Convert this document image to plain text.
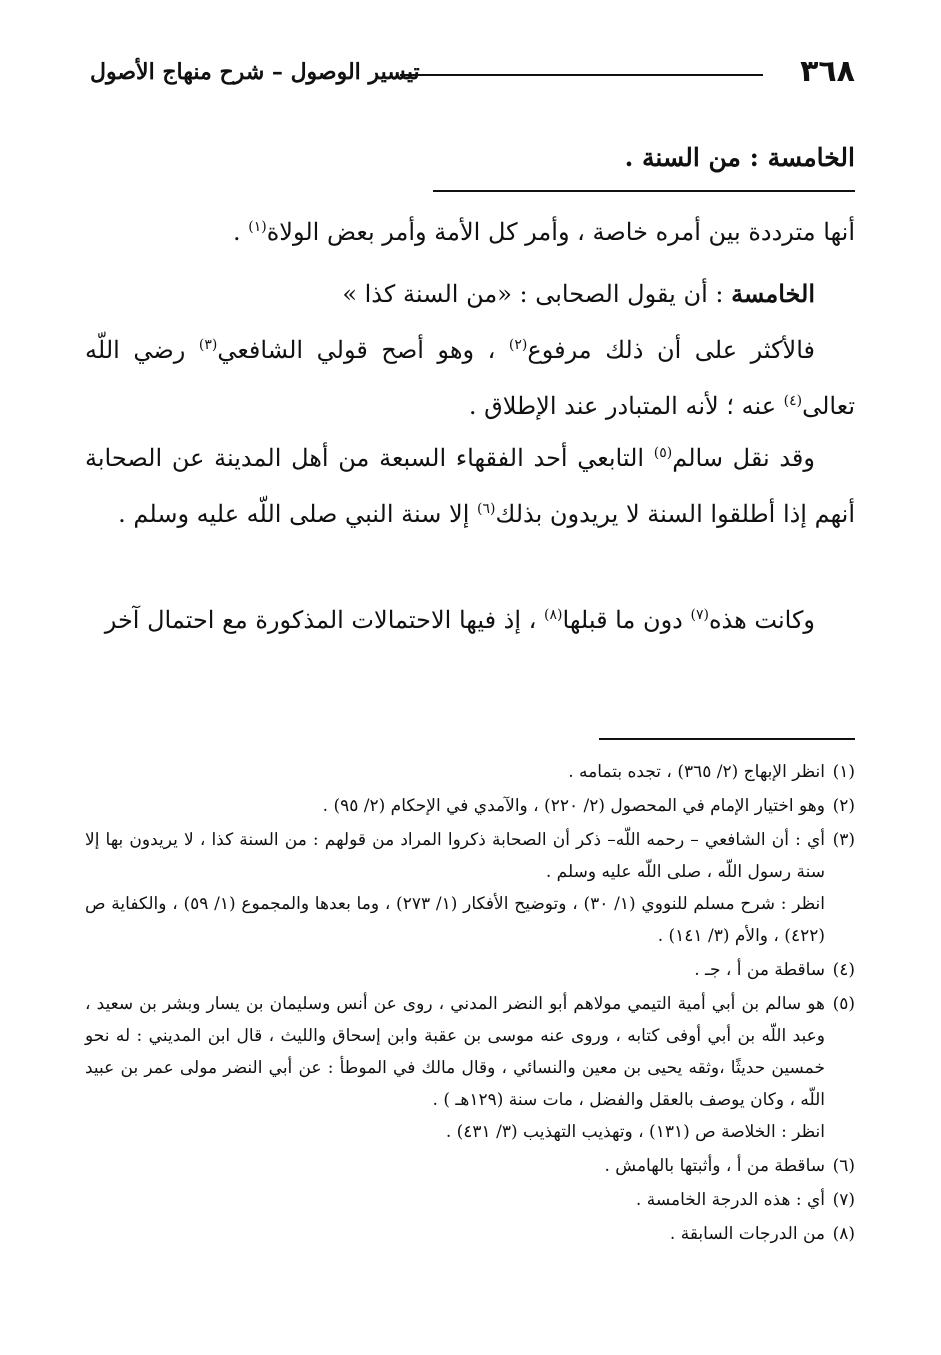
٣٦٨
تيسير الوصول – شرح منهاج الأصول
الخامسة : من السنة .
أنها مترددة بين أمره خاصة ، وأمر كل الأمة وأمر بعض الولاة$^{(١)}$ .
الخامسة : أن يقول الصحابى : «من السنة كذا »
فالأكثر على أن ذلك مرفوع$^{(٢)}$ ، وهو أصح قولي الشافعي$^{(٣)}$ رضي اللّه تعالى$^{(٤)}$ عنه ؛ لأنه المتبادر عند الإطلاق .
وقد نقل سالم$^{(٥)}$ التابعي أحد الفقهاء السبعة من أهل المدينة عن الصحابة أنهم إذا أطلقوا السنة لا يريدون بذلك$^{(٦)}$ إلا سنة النبي صلى اللّه عليه وسلم .
وكانت هذه$^{(٧)}$ دون ما قبلها$^{(٨)}$ ، إذ فيها الاحتمالات المذكورة مع احتمال آخر
(١)
انظر الإبهاج (٢/ ٣٦٥) ، تجده بتمامه .
(٢)
وهو اختيار الإمام في المحصول (٢/ ٢٢٠) ، والآمدي في الإحكام (٢/ ٩٥) .
(٣)
أي : أن الشافعي – رحمه اللّه– ذكر أن الصحابة ذكروا المراد من قولهم : من السنة كذا ، لا يريدون بها إلا سنة رسول اللّه ، صلى اللّه عليه وسلم .
انظر : شرح مسلم للنووي (١/ ٣٠) ، وتوضيح الأفكار (١/ ٢٧٣) ، وما بعدها والمجموع (١/ ٥٩) ، والكفاية ص (٤٢٢) ، والأم (٣/ ١٤١) .
(٤)
ساقطة من أ ، جـ .
(٥)
هو سالم بن أبي أمية التيمي مولاهم أبو النضر المدني ، روى عن أنس وسليمان بن يسار وبشر بن سعيد ، وعبد اللّه بن أبي أوفى كتابه ، وروى عنه موسى بن عقبة وابن إسحاق والليث ، قال ابن المديني : له نحو خمسين حديثًا ،وثقه يحيى بن معين والنسائي ، وقال مالك في الموطأ : عن أبي النضر مولى عمر بن عبيد اللّه ، وكان يوصف بالعقل والفضل ، مات سنة (١٢٩هـ ) .
انظر : الخلاصة ص (١٣١) ، وتهذيب التهذيب (٣/ ٤٣١) .
(٦)
ساقطة من أ ، وأثبتها بالهامش .
(٧)
أي : هذه الدرجة الخامسة .
(٨)
من الدرجات السابقة .
